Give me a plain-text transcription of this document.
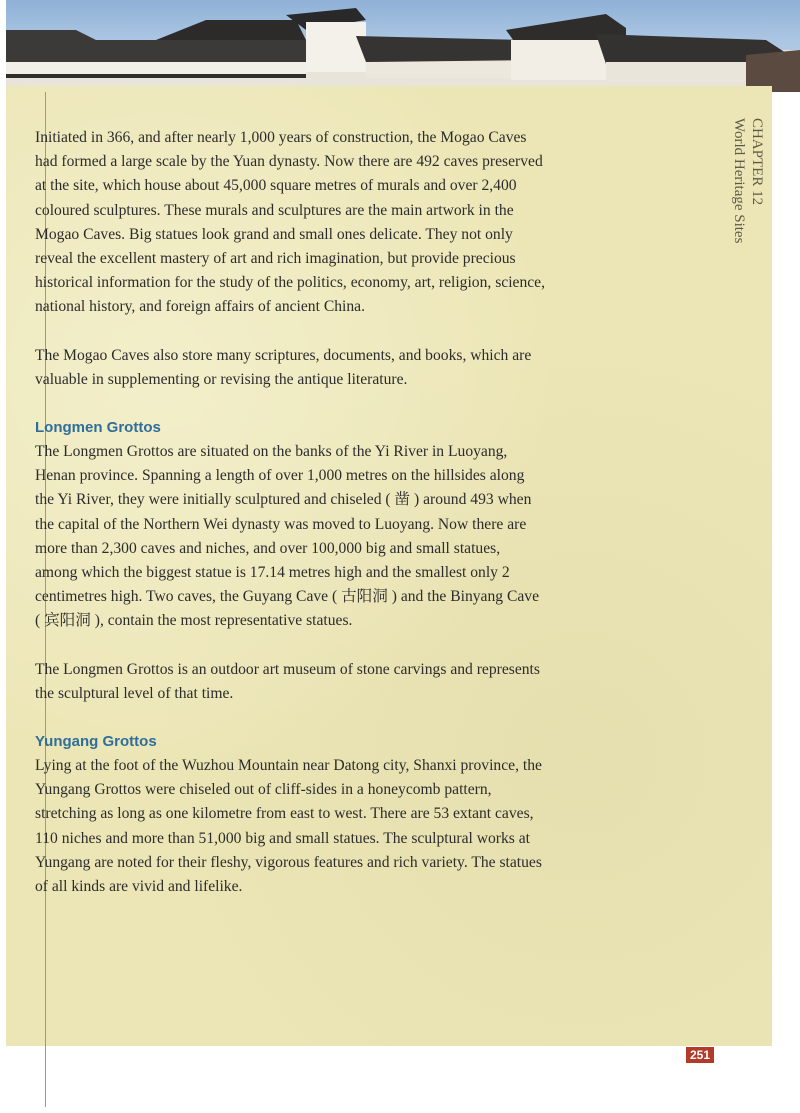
CHAPTER 12
World Heritage Sites

Initiated in 366, and after nearly 1,000 years of construction, the Mogao Caves had formed a large scale by the Yuan dynasty. Now there are 492 caves preserved at the site, which house about 45,000 square metres of murals and over 2,400 coloured sculptures. These murals and sculptures are the main artwork in the Mogao Caves. Big statues look grand and small ones delicate. They not only reveal the excellent mastery of art and rich imagination, but provide precious historical information for the study of the politics, economy, art, religion, science, national history, and foreign affairs of ancient China.

The Mogao Caves also store many scriptures, documents, and books, which are valuable in supplementing or revising the antique literature.

Longmen Grottos

The Longmen Grottos are situated on the banks of the Yi River in Luoyang, Henan province. Spanning a length of over 1,000 metres on the hillsides along the Yi River, they were initially sculptured and chiseled ( 凿 ) around 493 when the capital of the Northern Wei dynasty was moved to Luoyang. Now there are more than 2,300 caves and niches, and over 100,000 big and small statues, among which the biggest statue is 17.14 metres high and the smallest only 2 centimetres high. Two caves, the Guyang Cave ( 古阳洞 ) and the Binyang Cave ( 宾阳洞 ), contain the most representative statues.

The Longmen Grottos is an outdoor art museum of stone carvings and represents the sculptural level of that time.

Yungang Grottos

Lying at the foot of the Wuzhou Mountain near Datong city, Shanxi province, the Yungang Grottos were chiseled out of cliff-sides in a honeycomb pattern, stretching as long as one kilometre from east to west. There are 53 extant caves, 110 niches and more than 51,000 big and small statues. The sculptural works at Yungang are noted for their fleshy, vigorous features and rich variety. The statues of all kinds are vivid and lifelike.

251
